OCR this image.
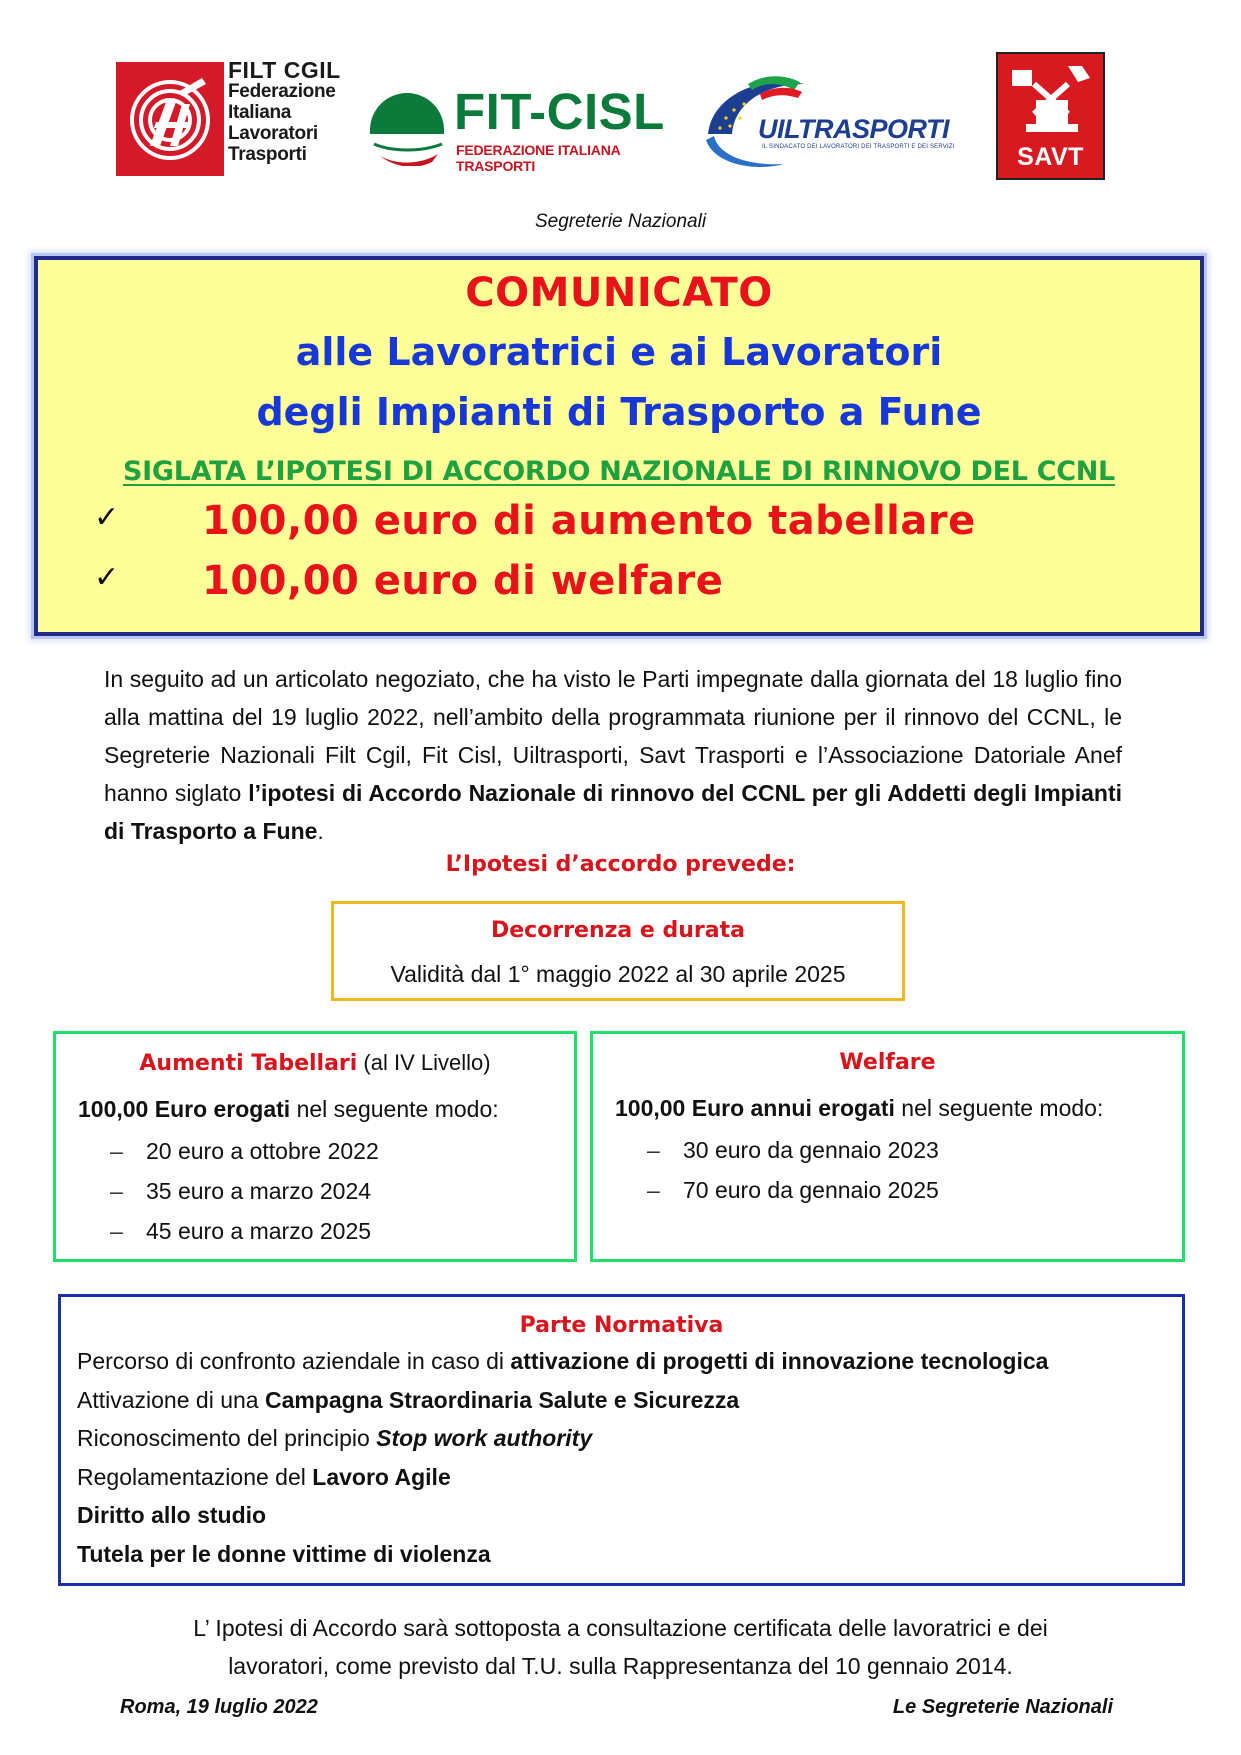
FILT CGIL
Federazione
Italiana
Lavoratori
Trasporti
FIT-CISL
FEDERAZIONE ITALIANA TRASPORTI
UILTRASPORTI
IL SINDACATO DEI LAVORATORI DEI TRASPORTI E DEI SERVIZI	SAVT
Segreterie Nazionali
COMUNICATO
alle Lavoratrici e ai Lavoratori
degli Impianti di Trasporto a Fune
SIGLATA L’IPOTESI DI ACCORDO NAZIONALE DI RINNOVO DEL CCNL
✓ 100,00 euro di aumento tabellare
✓ 100,00 euro di welfare

In seguito ad un articolato negoziato, che ha visto le Parti impegnate dalla giornata del 18 luglio fino alla mattina del 19 luglio 2022, nell’ambito della programmata riunione per il rinnovo del CCNL, le Segreterie Nazionali Filt Cgil, Fit Cisl, Uiltrasporti, Savt Trasporti e l’Associazione Datoriale Anef hanno siglato l’ipotesi di Accordo Nazionale di rinnovo del CCNL per gli Addetti degli Impianti di Trasporto a Fune.

L’Ipotesi d’accordo prevede:
Decorrenza e durata
Validità dal 1° maggio 2022 al 30 aprile 2025
Aumenti Tabellari (al IV Livello)
100,00 Euro erogati nel seguente modo:
– 20 euro a ottobre 2022
– 35 euro a marzo 2024
– 45 euro a marzo 2025
Welfare
100,00 Euro annui erogati nel seguente modo:
– 30 euro da gennaio 2023
– 70 euro da gennaio 2025
Parte Normativa
Percorso di confronto aziendale in caso di attivazione di progetti di innovazione tecnologica
Attivazione di una Campagna Straordinaria Salute e Sicurezza
Riconoscimento del principio Stop work authority
Regolamentazione del Lavoro Agile
Diritto allo studio
Tutela per le donne vittime di violenza
L’ Ipotesi di Accordo sarà sottoposta a consultazione certificata delle lavoratrici e dei
lavoratori, come previsto dal T.U. sulla Rappresentanza del 10 gennaio 2014.
Roma, 19 luglio 2022	Le Segreterie Nazionali
